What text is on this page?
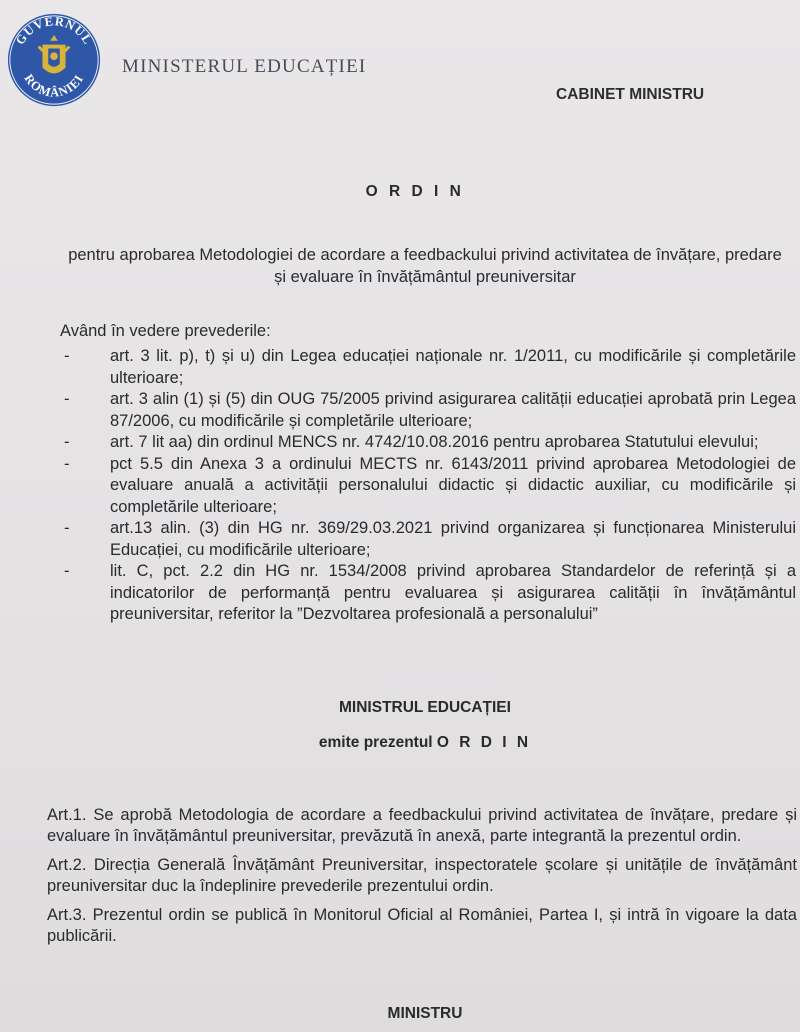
GUVERNUL
ROMÂNIEI
MINISTERUL EDUCAȚIEI
CABINET MINISTRU
O R D I N
pentru aprobarea Metodologiei de acordare a feedbackului privind activitatea de învățare, predare și evaluare în învățământul preuniversitar
Având în vedere prevederile:
- art. 3 lit. p), t) și u) din Legea educației naționale nr. 1/2011, cu modificările și completările ulterioare;
- art. 3 alin (1) și (5) din OUG 75/2005 privind asigurarea calității educației aprobată prin Legea 87/2006, cu modificările și completările ulterioare;
- art. 7 lit aa) din ordinul MENCS nr. 4742/10.08.2016 pentru aprobarea Statutului elevului;
- pct 5.5 din Anexa 3 a ordinului MECTS nr. 6143/2011 privind aprobarea Metodologiei de evaluare anuală a activității personalului didactic și didactic auxiliar, cu modificările și completările ulterioare;
- art.13 alin. (3) din HG nr. 369/29.03.2021 privind organizarea și funcționarea Ministerului Educației, cu modificările ulterioare;
- lit. C, pct. 2.2 din HG nr. 1534/2008 privind aprobarea Standardelor de referință și a indicatorilor de performanță pentru evaluarea și asigurarea calității în învățământul preuniversitar, referitor la ”Dezvoltarea profesională a personalului”
MINISTRUL EDUCAȚIEI
emite prezentul O R D I N

Art.1. Se aprobă Metodologia de acordare a feedbackului privind activitatea de învățare, predare și evaluare în învățământul preuniversitar, prevăzută în anexă, parte integrantă la prezentul ordin.

Art.2. Direcția Generală Învățământ Preuniversitar, inspectoratele școlare și unitățile de învățământ preuniversitar duc la îndeplinire prevederile prezentului ordin.

Art.3. Prezentul ordin se publică în Monitorul Oficial al României, Partea I, și intră în vigoare la data publicării.

MINISTRU
